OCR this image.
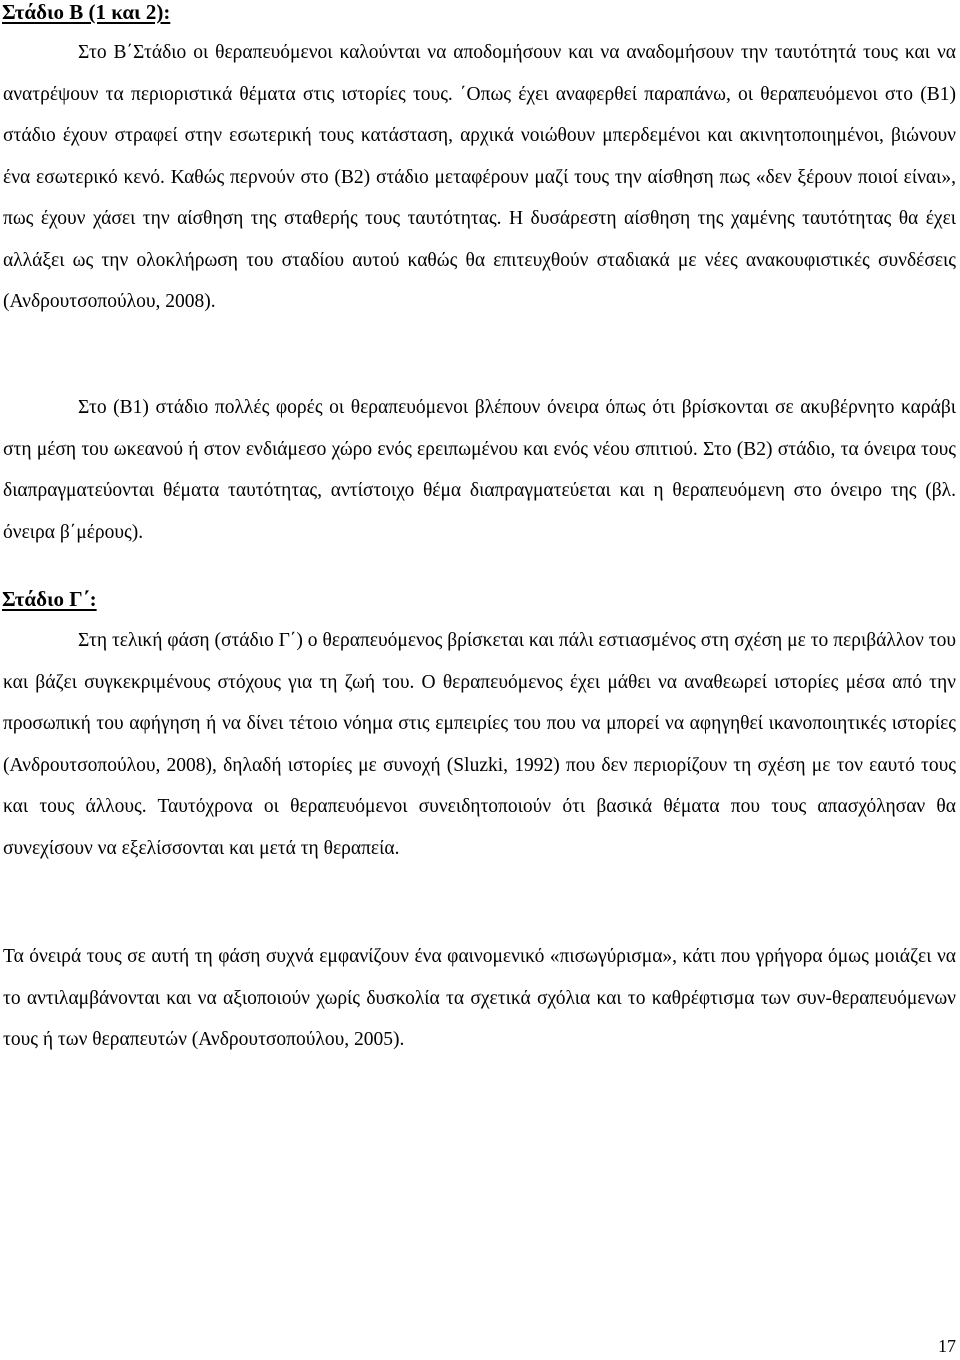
Στάδιο Β (1 και 2):

Στο Β΄Στάδιο οι θεραπευόμενοι καλούνται να αποδομήσουν και να αναδομήσουν την ταυτότητά τους και να ανατρέψουν τα περιοριστικά θέματα στις ιστορίες τους. ΄Οπως έχει αναφερθεί παραπάνω, οι θεραπευόμενοι στο (Β1) στάδιο έχουν στραφεί στην εσωτερική τους κατάσταση, αρχικά νοιώθουν μπερδεμένοι και ακινητοποιημένοι, βιώνουν ένα εσωτερικό κενό. Καθώς περνούν στο (Β2) στάδιο μεταφέρουν μαζί τους την αίσθηση πως «δεν ξέρουν ποιοί είναι», πως έχουν χάσει την αίσθηση της σταθερής τους ταυτότητας. Η δυσάρεστη αίσθηση της χαμένης ταυτότητας θα έχει αλλάξει ως την ολοκλήρωση του σταδίου αυτού καθώς θα επιτευχθούν σταδιακά με νέες ανακουφιστικές συνδέσεις (Ανδρουτσοπούλου, 2008).

Στο (Β1) στάδιο πολλές φορές οι θεραπευόμενοι βλέπουν όνειρα όπως ότι βρίσκονται σε ακυβέρνητο καράβι στη μέση του ωκεανού ή στον ενδιάμεσο χώρο ενός ερειπωμένου και ενός νέου σπιτιού. Στο (Β2) στάδιο, τα όνειρα τους διαπραγματεύονται θέματα ταυτότητας, αντίστοιχο θέμα διαπραγματεύεται και η θεραπευόμενη στο όνειρο της (βλ. όνειρα β΄μέρους).

Στάδιο Γ΄:

Στη τελική φάση (στάδιο Γ΄) ο θεραπευόμενος βρίσκεται και πάλι εστιασμένος στη σχέση με το περιβάλλον του και βάζει συγκεκριμένους στόχους για τη ζωή του. Ο θεραπευόμενος έχει μάθει να αναθεωρεί ιστορίες μέσα από την προσωπική του αφήγηση ή να δίνει τέτοιο νόημα στις εμπειρίες του που να μπορεί να αφηγηθεί ικανοποιητικές ιστορίες (Ανδρουτσοπούλου, 2008), δηλαδή ιστορίες με συνοχή (Sluzki, 1992) που δεν περιορίζουν τη σχέση με τον εαυτό τους και τους άλλους. Ταυτόχρονα οι θεραπευόμενοι συνειδητοποιούν ότι βασικά θέματα που τους απασχόλησαν θα συνεχίσουν να εξελίσσονται και μετά τη θεραπεία.

Τα όνειρά τους σε αυτή τη φάση συχνά εμφανίζουν ένα φαινομενικό «πισωγύρισμα», κάτι που γρήγορα όμως μοιάζει να το αντιλαμβάνονται και να αξιοποιούν χωρίς δυσκολία τα σχετικά σχόλια και το καθρέφτισμα των συν-θεραπευόμενων τους ή των θεραπευτών (Ανδρουτσοπούλου, 2005).

17
